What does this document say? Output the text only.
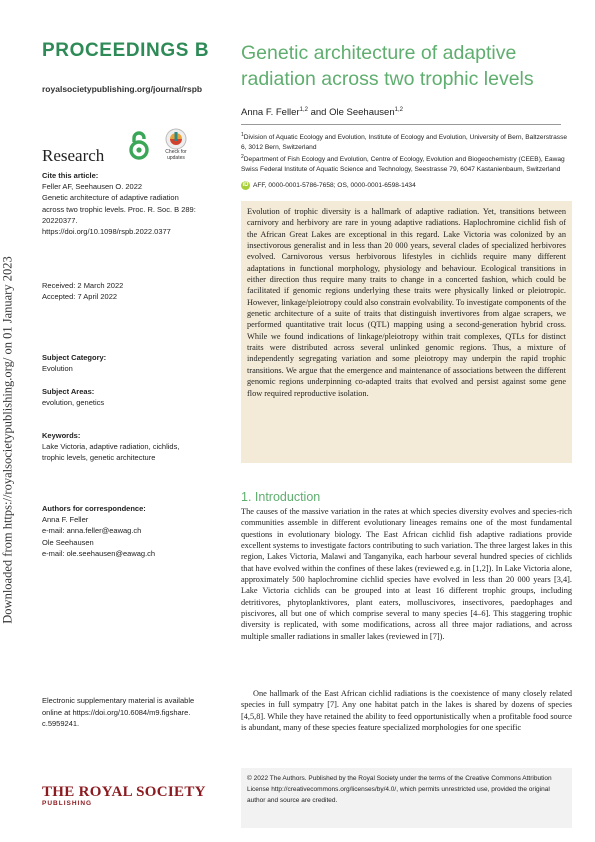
Downloaded from https://royalsocietypublishing.org/ on 01 January 2023
PROCEEDINGS B
royalsocietypublishing.org/journal/rspb
Research	Check for updates
Cite this article:
Feller AF, Seehausen O. 2022
Genetic architecture of adaptive radiation
across two trophic levels. Proc. R. Soc. B 289:
20220377.
https://doi.org/10.1098/rspb.2022.0377
Received: 2 March 2022
Accepted: 7 April 2022
Subject Category:
Evolution
Subject Areas:
evolution, genetics
Keywords:
Lake Victoria, adaptive radiation, cichlids,
trophic levels, genetic architecture
Authors for correspondence:
Anna F. Feller
e-mail: anna.feller@eawag.ch
Ole Seehausen
e-mail: ole.seehausen@eawag.ch
Electronic supplementary material is available
online at https://doi.org/10.6084/m9.figshare.
c.5959241.
THE ROYAL SOCIETY
PUBLISHING
Genetic architecture of adaptive radiation across two trophic levels
Anna F. Feller$^{1,2}$ and Ole Seehausen$^{1,2}$
$^1$Division of Aquatic Ecology and Evolution, Institute of Ecology and Evolution, University of Bern, Baltzerstrasse 6, 3012 Bern, Switzerland
$^2$Department of Fish Ecology and Evolution, Centre of Ecology, Evolution and Biogeochemistry (CEEB), Eawag Swiss Federal Institute of Aquatic Science and Technology, Seestrasse 79, 6047 Kastanienbaum, Switzerland
iD AFF, 0000-0001-5786-7658; OS, 0000-0001-6598-1434
Evolution of trophic diversity is a hallmark of adaptive radiation. Yet, transitions between carnivory and herbivory are rare in young adaptive radiations. Haplochromine cichlid fish of the African Great Lakes are exceptional in this regard. Lake Victoria was colonized by an insectivorous generalist and in less than 20 000 years, several clades of specialized herbivores evolved. Carnivorous versus herbivorous lifestyles in cichlids require many different adaptations in functional morphology, physiology and behaviour. Ecological transitions in either direction thus require many traits to change in a concerted fashion, which could be facilitated if genomic regions underlying these traits were physically linked or pleiotropic. However, linkage/pleiotropy could also constrain evolvability. To investigate components of the genetic architecture of a suite of traits that distinguish invertivores from algae scrapers, we performed quantitative trait locus (QTL) mapping using a second-generation hybrid cross. While we found indications of linkage/pleiotropy within trait complexes, QTLs for distinct traits were distributed across several unlinked genomic regions. Thus, a mixture of independently segregating variation and some pleiotropy may underpin the rapid trophic transitions. We argue that the emergence and maintenance of associations between the different genomic regions underpinning co-adapted traits that evolved and persist against some gene flow required reproductive isolation.
1. Introduction
The causes of the massive variation in the rates at which species diversity evolves and species-rich communities assemble in different evolutionary lineages remains one of the most fundamental questions in evolutionary biology. The East African cichlid fish adaptive radiations provide excellent systems to investigate factors contributing to such variation. The three largest lakes in this region, Lakes Victoria, Malawi and Tanganyika, each harbour several hundred species of cichlids that have evolved within the confines of these lakes (reviewed e.g. in [1,2]). In Lake Victoria alone, approximately 500 haplochromine cichlid species have evolved in less than 20 000 years [3,4]. Lake Victoria cichlids can be grouped into at least 16 different trophic groups, including detritivores, phytoplanktivores, plant eaters, molluscivores, insectivores, paedophages and piscivores, all but one of which comprise several to many species [4–6]. This staggering trophic diversity is replicated, with some modifications, across all three major radiations, and across multiple smaller radiations in smaller lakes (reviewed in [7]).
One hallmark of the East African cichlid radiations is the coexistence of many closely related species in full sympatry [7]. Any one habitat patch in the lakes is shared by dozens of species [4,5,8]. While they have retained the ability to feed opportunistically when a profitable food source is abundant, many of these species feature specialized morphologies for one specific
© 2022 The Authors. Published by the Royal Society under the terms of the Creative Commons Attribution License http://creativecommons.org/licenses/by/4.0/, which permits unrestricted use, provided the original author and source are credited.
